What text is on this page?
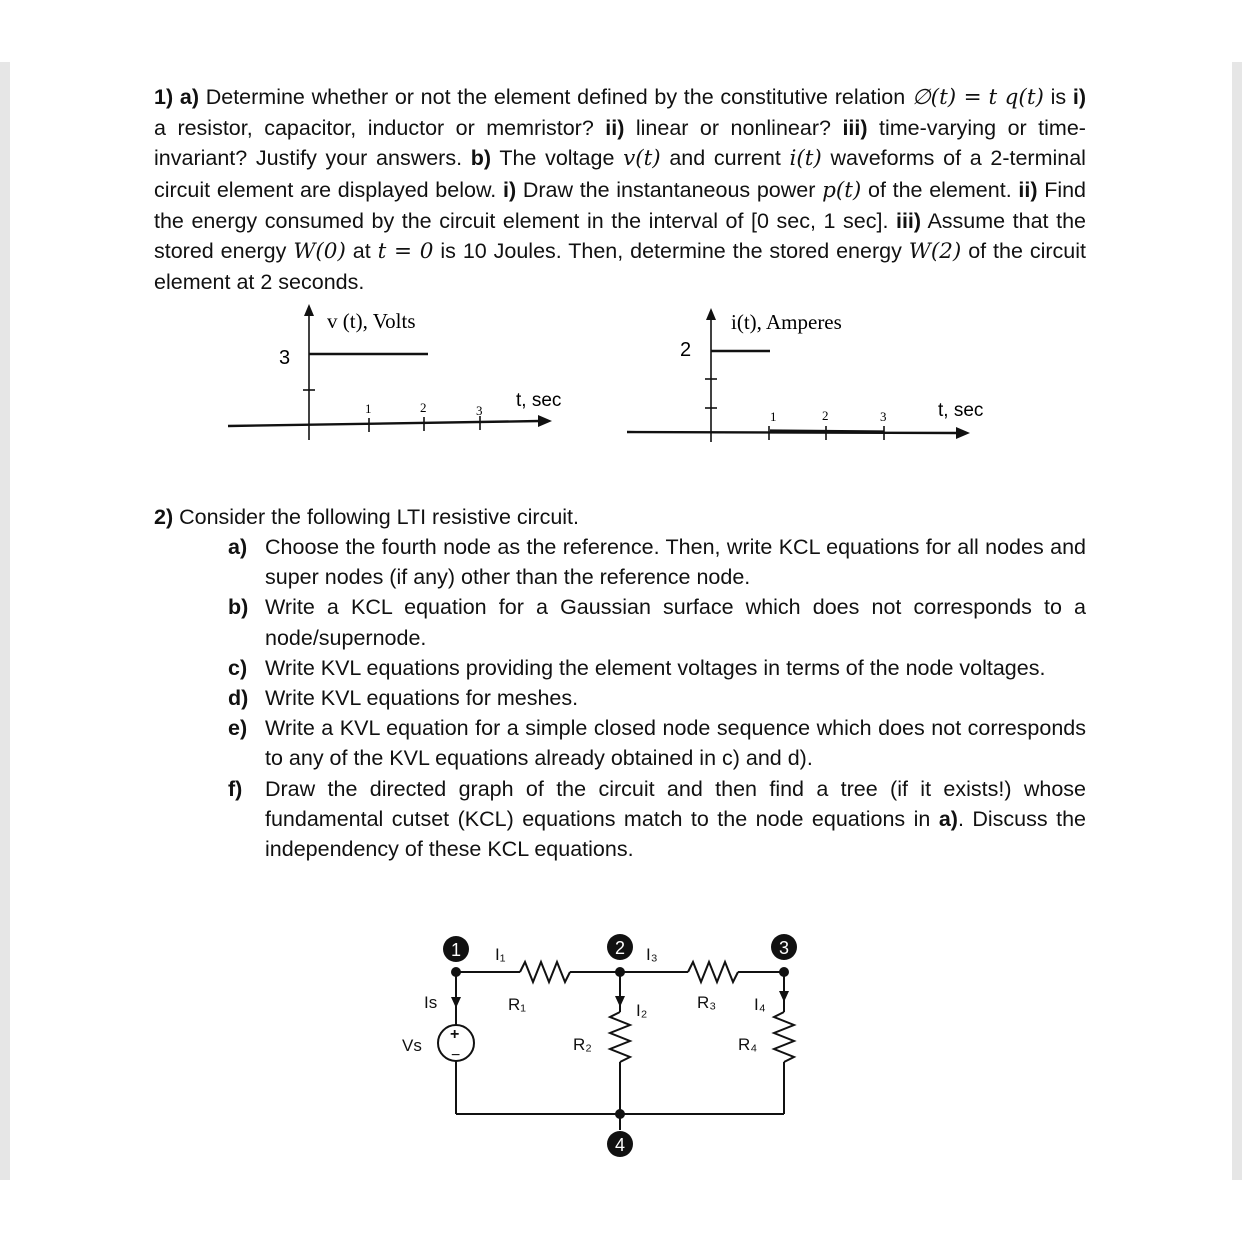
1) a) Determine whether or not the element defined by the constitutive relation ∅(t) = t q(t) is i) a resistor, capacitor, inductor or memristor? ii) linear or nonlinear? iii) time-varying or time-invariant? Justify your answers. b) The voltage v(t) and current i(t) waveforms of a 2-terminal circuit element are displayed below. i) Draw the instantaneous power p(t) of the element. ii) Find the energy consumed by the circuit element in the interval of [0 sec, 1 sec]. iii) Assume that the stored energy W(0) at t = 0 is 10 Joules. Then, determine the stored energy W(2) of the circuit element at 2 seconds.
v (t), Volts
3
1	2	3 t, sec
i(t), Amperes
2
1	2	3	t, sec
2) Consider the following LTI resistive circuit.
a) Choose the fourth node as the reference. Then, write KCL equations for all nodes and super nodes (if any) other than the reference node.
b) Write a KCL equation for a Gaussian surface which does not corresponds to a node/supernode.
c) Write KVL equations providing the element voltages in terms of the node voltages.
d) Write KVL equations for meshes.
e) Write a KVL equation for a simple closed node sequence which does not corresponds to any of the KVL equations already obtained in c) and d).
f) Draw the directed graph of the circuit and then find a tree (if it exists!) whose fundamental cutset (KCL) equations match to the node equations in a). Discuss the independency of these KCL equations.
1	2	3
4
I₁	I₃
I₂	I₄
Is	R₁	R₃
R₂	R₄
Vs
+
−
